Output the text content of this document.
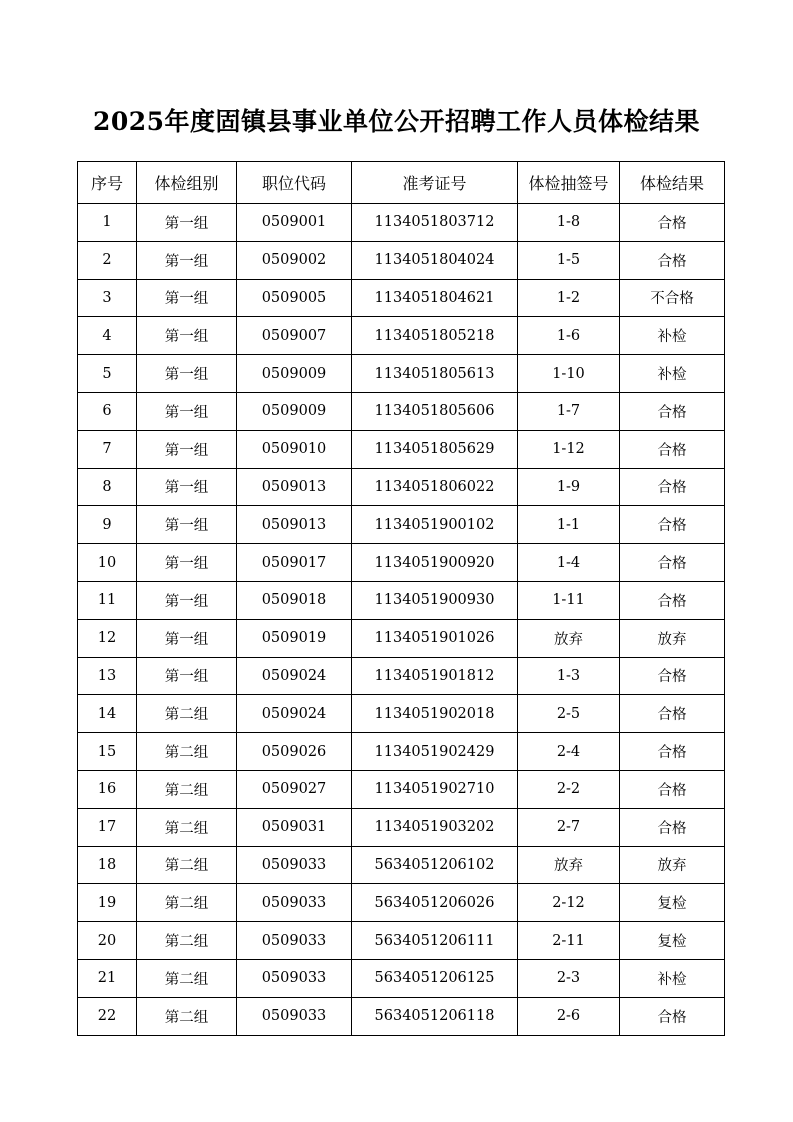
2025年度固镇县事业单位公开招聘工作人员体检结果
序号	体检组别	职位代码	准考证号	体检抽签号	体检结果
1	第一组	0509001	1134051803712	1-8	合格
2	第一组	0509002	1134051804024	1-5	合格
3	第一组	0509005	1134051804621	1-2	不合格
4	第一组	0509007	1134051805218	1-6	补检
5	第一组	0509009	1134051805613	1-10	补检
6	第一组	0509009	1134051805606	1-7	合格
7	第一组	0509010	1134051805629	1-12	合格
8	第一组	0509013	1134051806022	1-9	合格
9	第一组	0509013	1134051900102	1-1	合格
10	第一组	0509017	1134051900920	1-4	合格
11	第一组	0509018	1134051900930	1-11	合格
12	第一组	0509019	1134051901026	放弃	放弃
13	第一组	0509024	1134051901812	1-3	合格
14	第二组	0509024	1134051902018	2-5	合格
15	第二组	0509026	1134051902429	2-4	合格
16	第二组	0509027	1134051902710	2-2	合格
17	第二组	0509031	1134051903202	2-7	合格
18	第二组	0509033	5634051206102	放弃	放弃
19	第二组	0509033	5634051206026	2-12	复检
20	第二组	0509033	5634051206111	2-11	复检
21	第二组	0509033	5634051206125	2-3	补检
22	第二组	0509033	5634051206118	2-6	合格
